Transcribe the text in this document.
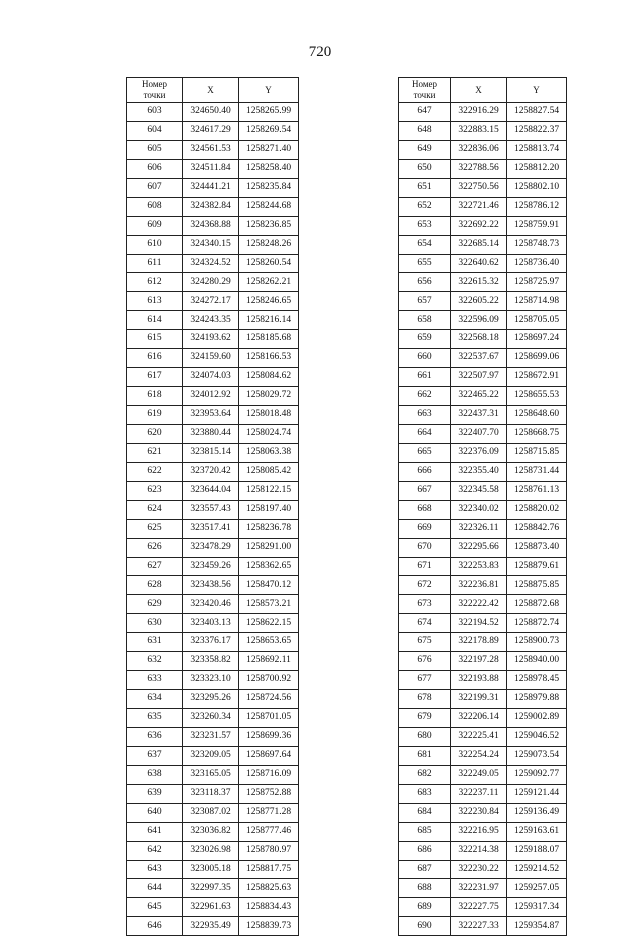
720
Номер
точки	X	Y
603	324650.40	1258265.99
604	324617.29	1258269.54
605	324561.53	1258271.40
606	324511.84	1258258.40
607	324441.21	1258235.84
608	324382.84	1258244.68
609	324368.88	1258236.85
610	324340.15	1258248.26
611	324324.52	1258260.54
612	324280.29	1258262.21
613	324272.17	1258246.65
614	324243.35	1258216.14
615	324193.62	1258185.68
616	324159.60	1258166.53
617	324074.03	1258084.62
618	324012.92	1258029.72
619	323953.64	1258018.48
620	323880.44	1258024.74
621	323815.14	1258063.38
622	323720.42	1258085.42
623	323644.04	1258122.15
624	323557.43	1258197.40
625	323517.41	1258236.78
626	323478.29	1258291.00
627	323459.26	1258362.65
628	323438.56	1258470.12
629	323420.46	1258573.21
630	323403.13	1258622.15
631	323376.17	1258653.65
632	323358.82	1258692.11
633	323323.10	1258700.92
634	323295.26	1258724.56
635	323260.34	1258701.05
636	323231.57	1258699.36
637	323209.05	1258697.64
638	323165.05	1258716.09
639	323118.37	1258752.88
640	323087.02	1258771.28
641	323036.82	1258777.46
642	323026.98	1258780.97
643	323005.18	1258817.75
644	322997.35	1258825.63
645	322961.63	1258834.43
646	322935.49	1258839.73
Номер
точки	X	Y
647	322916.29	1258827.54
648	322883.15	1258822.37
649	322836.06	1258813.74
650	322788.56	1258812.20
651	322750.56	1258802.10
652	322721.46	1258786.12
653	322692.22	1258759.91
654	322685.14	1258748.73
655	322640.62	1258736.40
656	322615.32	1258725.97
657	322605.22	1258714.98
658	322596.09	1258705.05
659	322568.18	1258697.24
660	322537.67	1258699.06
661	322507.97	1258672.91
662	322465.22	1258655.53
663	322437.31	1258648.60
664	322407.70	1258668.75
665	322376.09	1258715.85
666	322355.40	1258731.44
667	322345.58	1258761.13
668	322340.02	1258820.02
669	322326.11	1258842.76
670	322295.66	1258873.40
671	322253.83	1258879.61
672	322236.81	1258875.85
673	322222.42	1258872.68
674	322194.52	1258872.74
675	322178.89	1258900.73
676	322197.28	1258940.00
677	322193.88	1258978.45
678	322199.31	1258979.88
679	322206.14	1259002.89
680	322225.41	1259046.52
681	322254.24	1259073.54
682	322249.05	1259092.77
683	322237.11	1259121.44
684	322230.84	1259136.49
685	322216.95	1259163.61
686	322214.38	1259188.07
687	322230.22	1259214.52
688	322231.97	1259257.05
689	322227.75	1259317.34
690	322227.33	1259354.87
